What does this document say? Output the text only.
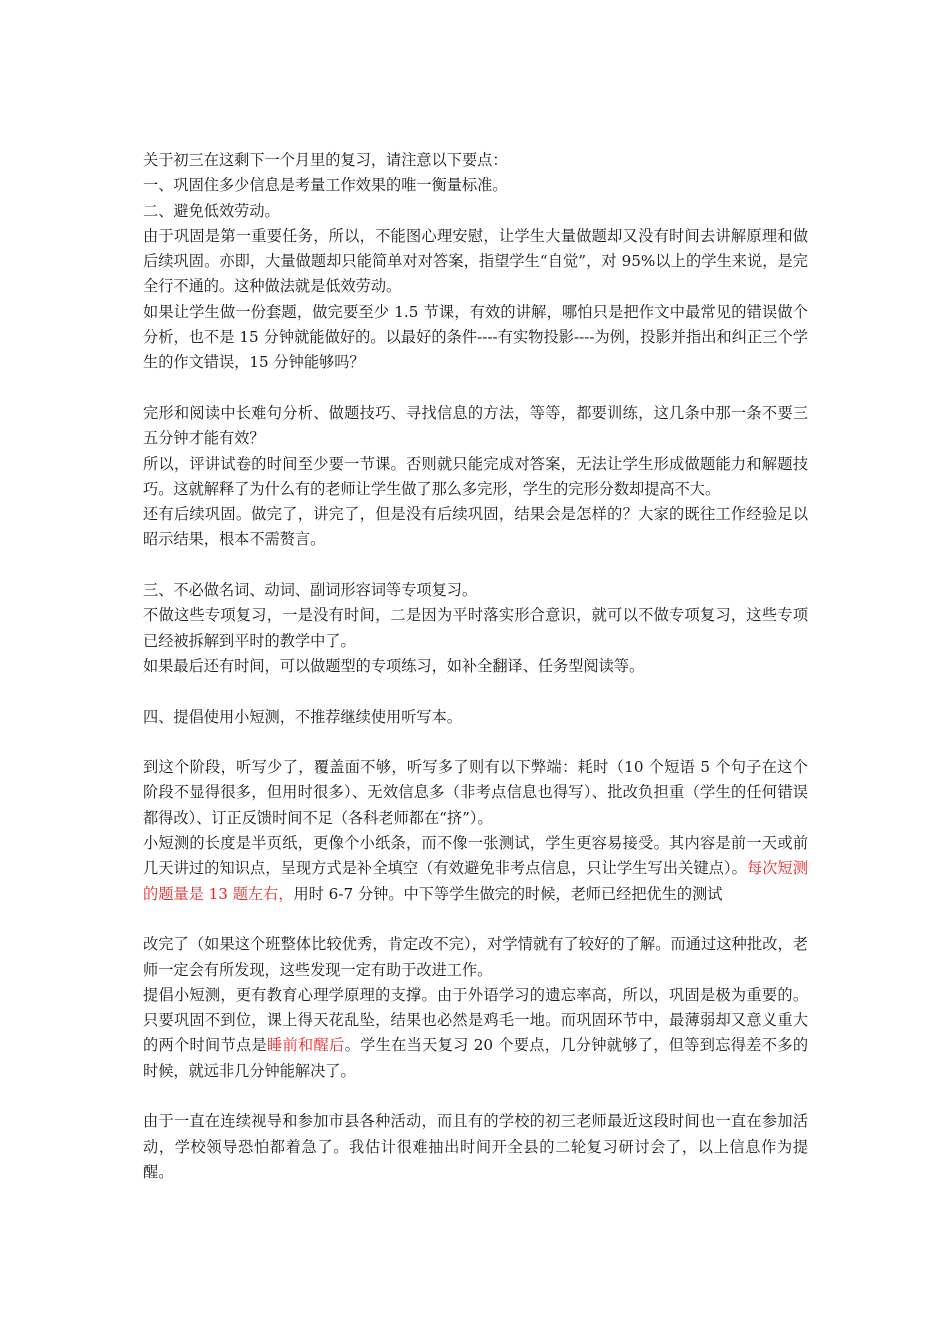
关于初三在这剩下一个月里的复习，请注意以下要点：

一、巩固住多少信息是考量工作效果的唯一衡量标准。

二、避免低效劳动。

由于巩固是第一重要任务，所以，不能图心理安慰，让学生大量做题却又没有时间去讲解原理和做后续巩固。亦即，大量做题却只能简单对对答案，指望学生“自觉”，对 95%以上的学生来说，是完全行不通的。这种做法就是低效劳动。

如果让学生做一份套题，做完要至少 1.5 节课，有效的讲解，哪怕只是把作文中最常见的错误做个分析，也不是 15 分钟就能做好的。以最好的条件----有实物投影----为例，投影并指出和纠正三个学生的作文错误，15 分钟能够吗？

完形和阅读中长难句分析、做题技巧、寻找信息的方法，等等，都要训练，这几条中那一条不要三五分钟才能有效？

所以，评讲试卷的时间至少要一节课。否则就只能完成对答案，无法让学生形成做题能力和解题技巧。这就解释了为什么有的老师让学生做了那么多完形，学生的完形分数却提高不大。

还有后续巩固。做完了，讲完了，但是没有后续巩固，结果会是怎样的？大家的既往工作经验足以昭示结果，根本不需赘言。

三、不必做名词、动词、副词形容词等专项复习。

不做这些专项复习，一是没有时间，二是因为平时落实形合意识，就可以不做专项复习，这些专项已经被拆解到平时的教学中了。

如果最后还有时间，可以做题型的专项练习，如补全翻译、任务型阅读等。

四、提倡使用小短测，不推荐继续使用听写本。

到这个阶段，听写少了，覆盖面不够，听写多了则有以下弊端：耗时（10 个短语 5 个句子在这个阶段不显得很多，但用时很多）、无效信息多（非考点信息也得写）、批改负担重（学生的任何错误都得改）、订正反馈时间不足（各科老师都在“挤”）。

小短测的长度是半页纸，更像个小纸条，而不像一张测试，学生更容易接受。其内容是前一天或前几天讲过的知识点，呈现方式是补全填空（有效避免非考点信息，只让学生写出关键点）。每次短测的题量是 13 题左右，用时 6-7 分钟。中下等学生做完的时候，老师已经把优生的测试

改完了（如果这个班整体比较优秀，肯定改不完），对学情就有了较好的了解。而通过这种批改，老师一定会有所发现，这些发现一定有助于改进工作。

提倡小短测，更有教育心理学原理的支撑。由于外语学习的遗忘率高，所以，巩固是极为重要的。只要巩固不到位，课上得天花乱坠，结果也必然是鸡毛一地。而巩固环节中，最薄弱却又意义重大的两个时间节点是睡前和醒后。学生在当天复习 20 个要点，几分钟就够了，但等到忘得差不多的时候，就远非几分钟能解决了。

由于一直在连续视导和参加市县各种活动，而且有的学校的初三老师最近这段时间也一直在参加活动，学校领导恐怕都着急了。我估计很难抽出时间开全县的二轮复习研讨会了，以上信息作为提醒。
